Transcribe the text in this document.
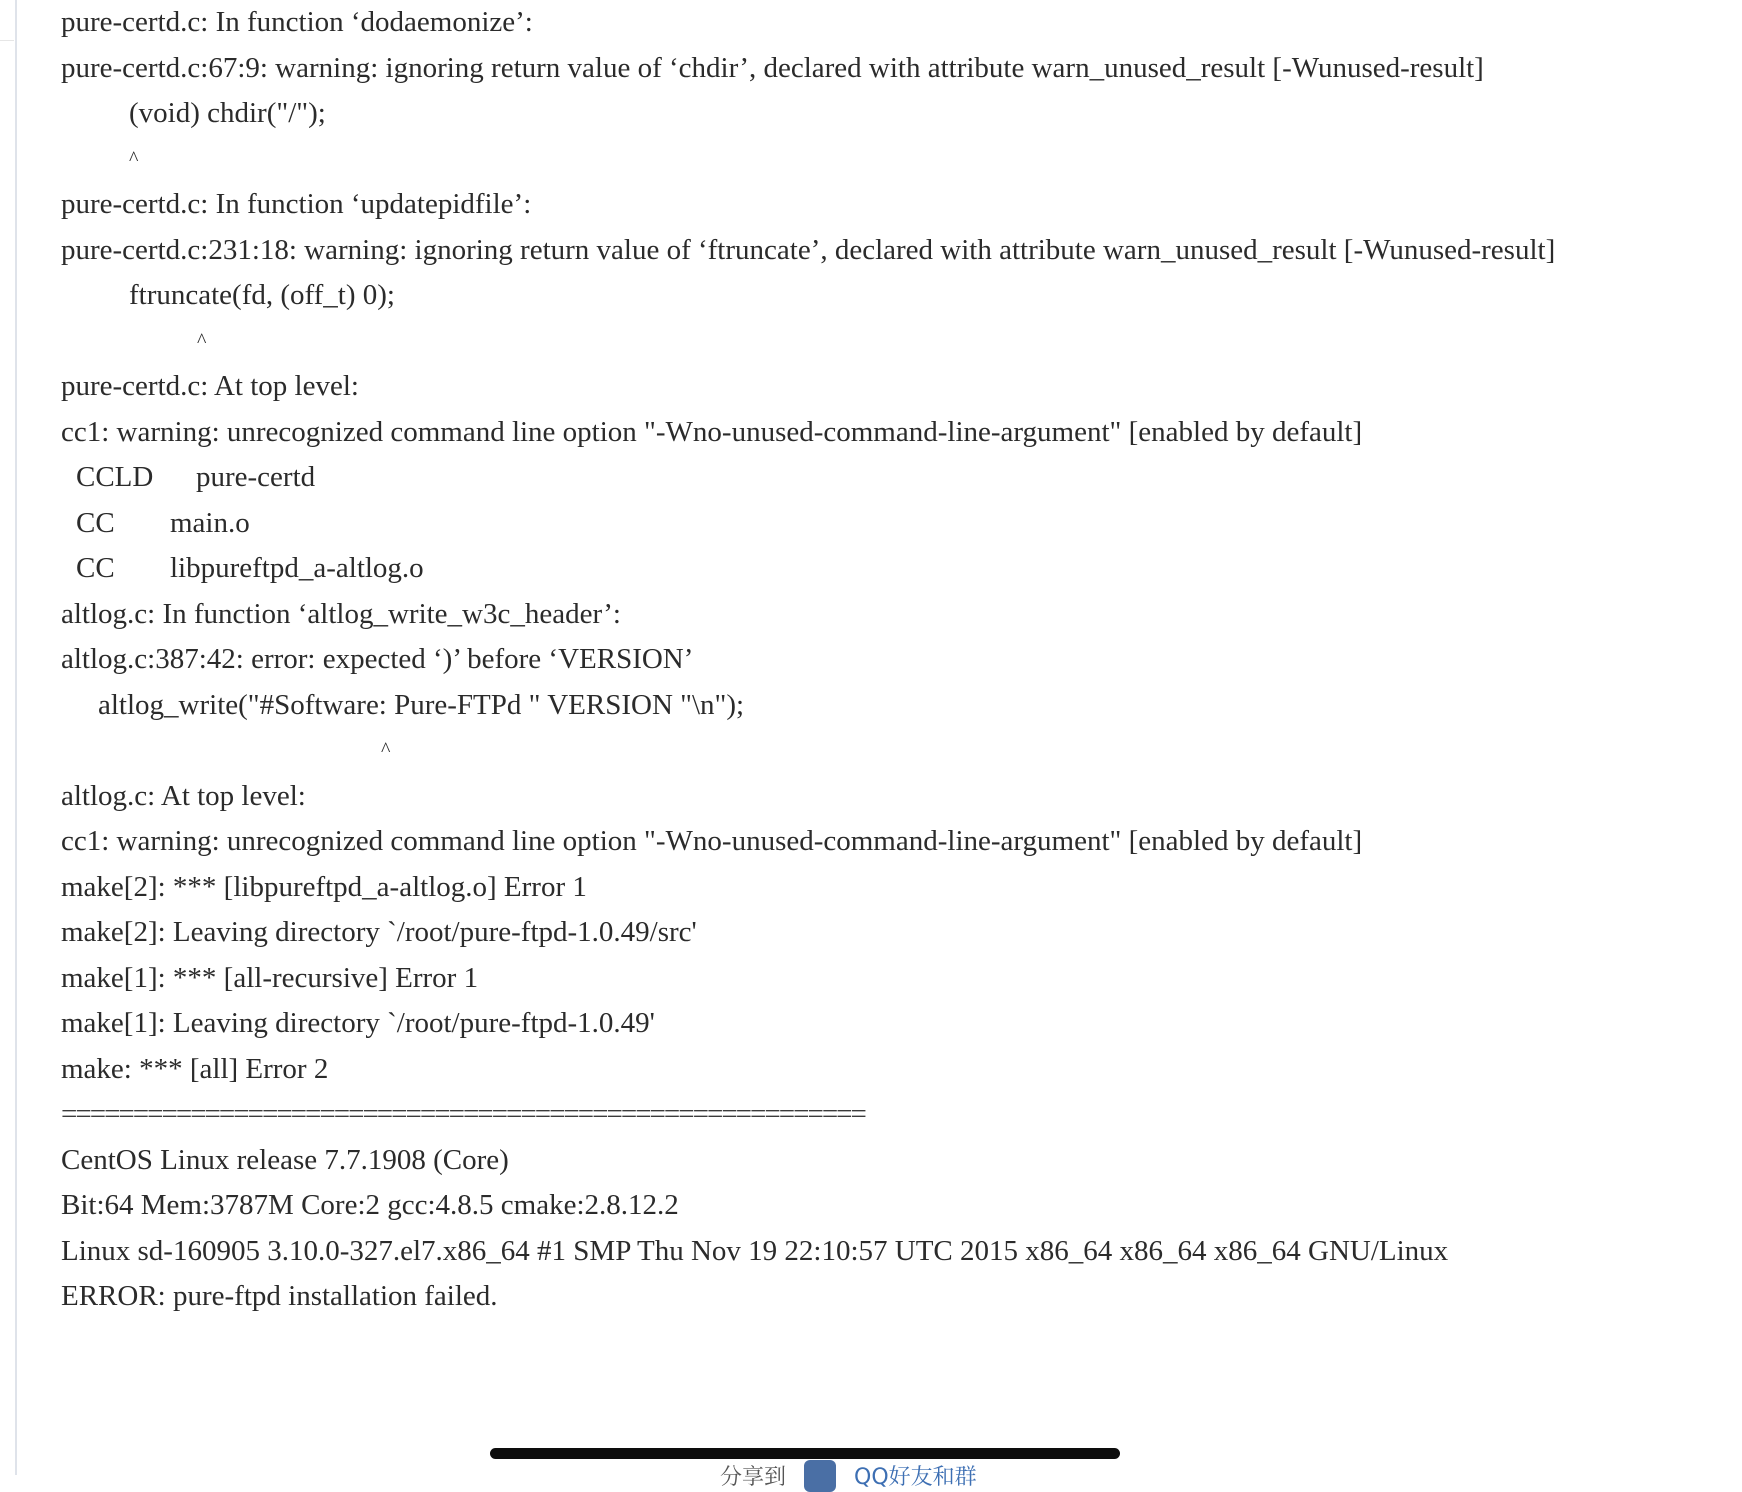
pure-certd.c: In function ‘dodaemonize’:
pure-certd.c:67:9: warning: ignoring return value of ‘chdir’, declared with attribute warn_unused_result [-Wunused-result]
(void) chdir("/");
^
pure-certd.c: In function ‘updatepidfile’:
pure-certd.c:231:18: warning: ignoring return value of ‘ftruncate’, declared with attribute warn_unused_result [-Wunused-result]
ftruncate(fd, (off_t) 0);
^
pure-certd.c: At top level:
cc1: warning: unrecognized command line option "-Wno-unused-command-line-argument" [enabled by default]
CCLD	pure-certd
CC	main.o
CC	libpureftpd_a-altlog.o
altlog.c: In function ‘altlog_write_w3c_header’:
altlog.c:387:42: error: expected ‘)’ before ‘VERSION’
altlog_write("#Software: Pure-FTPd " VERSION "\n");
^
altlog.c: At top level:
cc1: warning: unrecognized command line option "-Wno-unused-command-line-argument" [enabled by default]
make[2]: *** [libpureftpd_a-altlog.o] Error 1
make[2]: Leaving directory `/root/pure-ftpd-1.0.49/src'
make[1]: *** [all-recursive] Error 1
make[1]: Leaving directory `/root/pure-ftpd-1.0.49'
make: *** [all] Error 2
========================================================
CentOS Linux release 7.7.1908 (Core)
Bit:64 Mem:3787M Core:2 gcc:4.8.5 cmake:2.8.12.2
Linux sd-160905 3.10.0-327.el7.x86_64 #1 SMP Thu Nov 19 22:10:57 UTC 2015 x86_64 x86_64 x86_64 GNU/Linux
ERROR: pure-ftpd installation failed.
分享到	QQ好友和群
